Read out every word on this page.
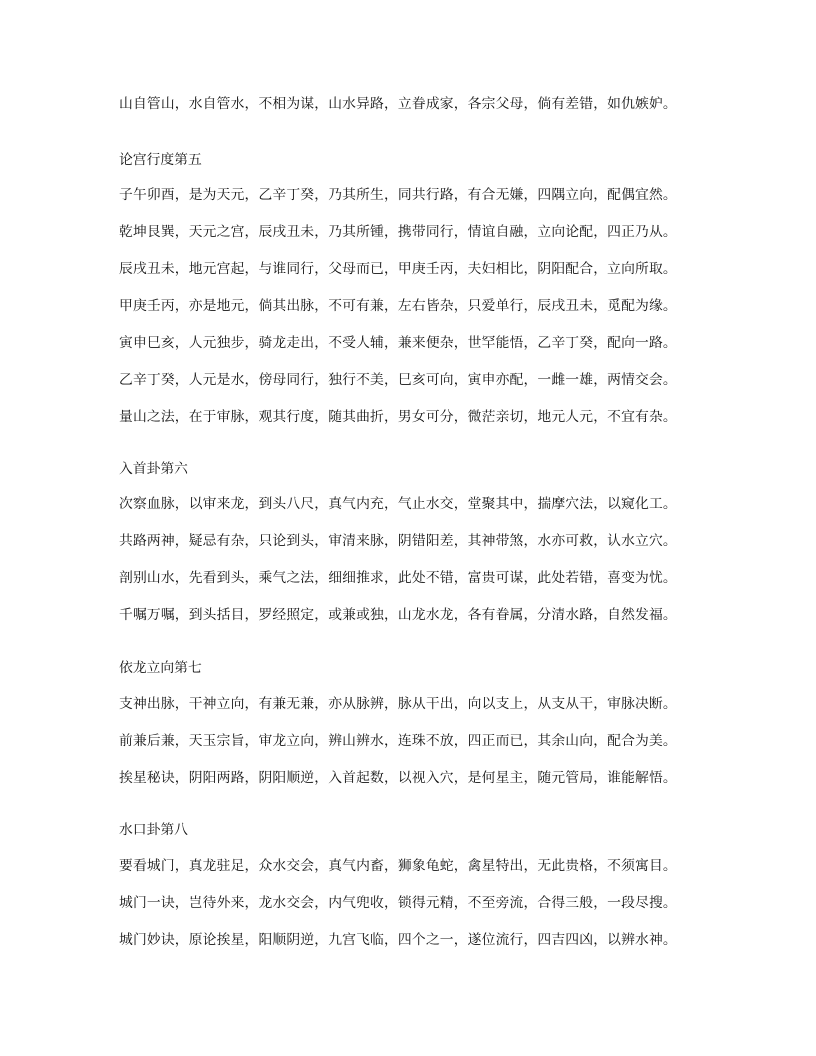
山自管山，水自管水，不相为谋，山水异路，立眷成家，各宗父母，倘有差错，如仇嫉妒。
论宫行度第五
子午卯酉，是为天元，乙辛丁癸，乃其所生，同共行路，有合无嫌，四隅立向，配偶宜然。
乾坤艮巽，天元之宫，辰戌丑未，乃其所锺，携带同行，情谊自融，立向论配，四正乃从。
辰戌丑未，地元宫起，与谁同行，父母而已，甲庚壬丙，夫妇相比，阴阳配合，立向所取。
甲庚壬丙，亦是地元，倘其出脉，不可有兼，左右皆杂，只爱单行，辰戌丑未，觅配为缘。
寅申巳亥，人元独步，骑龙走出，不受人辅，兼来便杂，世罕能悟，乙辛丁癸，配向一路。
乙辛丁癸，人元是水，傍母同行，独行不美，巳亥可向，寅申亦配，一雌一雄，两情交会。
量山之法，在于审脉，观其行度，随其曲折，男女可分，微茫亲切，地元人元，不宜有杂。
入首卦第六
次察血脉，以审来龙，到头八尺，真气内充，气止水交，堂聚其中，揣摩穴法，以窥化工。
共路两神，疑忌有杂，只论到头，审清来脉，阴错阳差，其神带煞，水亦可救，认水立穴。
剖别山水，先看到头，乘气之法，细细推求，此处不错，富贵可谋，此处若错，喜变为忧。
千嘱万嘱，到头括目，罗经照定，或兼或独，山龙水龙，各有眷属，分清水路，自然发福。
依龙立向第七
支神出脉，干神立向，有兼无兼，亦从脉辨，脉从干出，向以支上，从支从干，审脉决断。
前兼后兼，天玉宗旨，审龙立向，辨山辨水，连珠不放，四正而已，其余山向，配合为美。
挨星秘诀，阴阳两路，阴阳顺逆，入首起数，以视入穴，是何星主，随元管局，谁能解悟。
水口卦第八
要看城门，真龙驻足，众水交会，真气内畜，狮象龟蛇，禽星特出，无此贵格，不须寓目。
城门一诀，岂待外来，龙水交会，内气兜收，锁得元精，不至旁流，合得三般，一段尽搜。
城门妙诀，原论挨星，阳顺阴逆，九宫飞临，四个之一，遂位流行，四吉四凶，以辨水神。
